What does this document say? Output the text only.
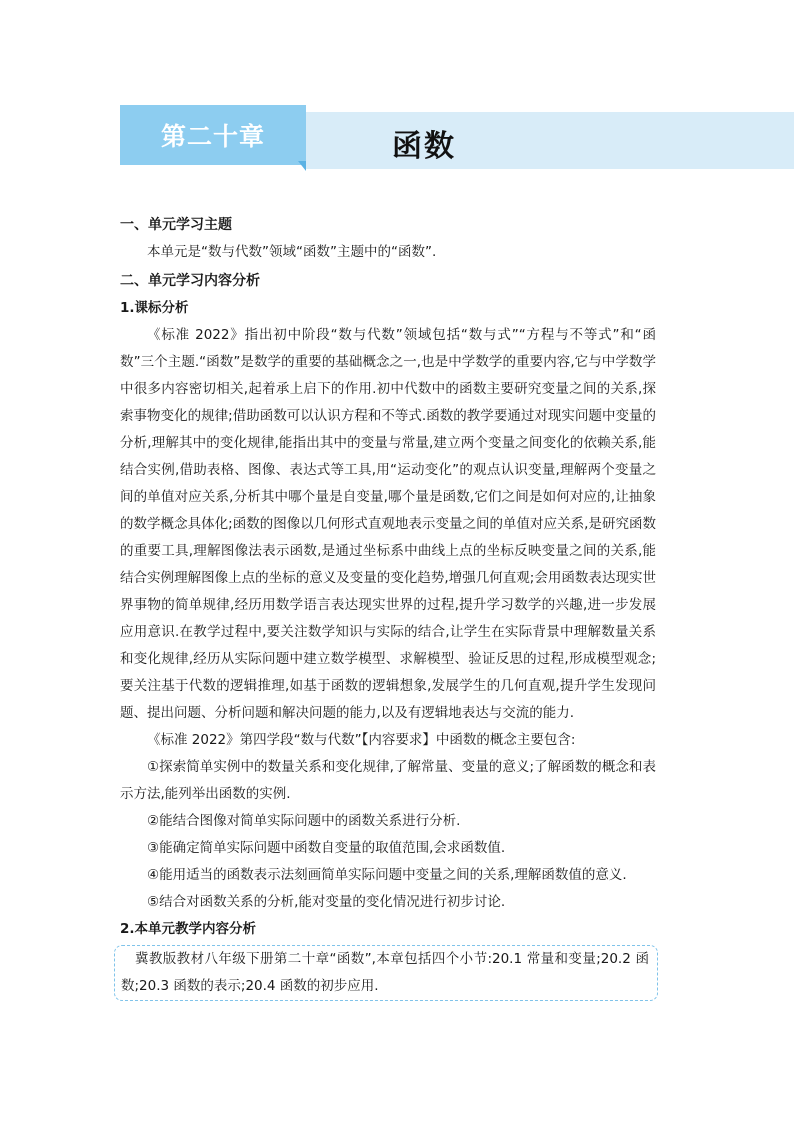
第二十章	函数
一、单元学习主题

本单元是“数与代数”领域“函数”主题中的“函数”.

二、单元学习内容分析
1.课标分析

《标准 2022》指出初中阶段“数与代数”领域包括“数与式”“方程与不等式”和“函数”三个主题.“函数”是数学的重要的基础概念之一,也是中学数学的重要内容,它与中学数学中很多内容密切相关,起着承上启下的作用.初中代数中的函数主要研究变量之间的关系,探索事物变化的规律;借助函数可以认识方程和不等式.函数的教学要通过对现实问题中变量的分析,理解其中的变化规律,能指出其中的变量与常量,建立两个变量之间变化的依赖关系,能结合实例,借助表格、图像、表达式等工具,用“运动变化”的观点认识变量,理解两个变量之间的单值对应关系,分析其中哪个量是自变量,哪个量是函数,它们之间是如何对应的,让抽象的数学概念具体化;函数的图像以几何形式直观地表示变量之间的单值对应关系,是研究函数的重要工具,理解图像法表示函数,是通过坐标系中曲线上点的坐标反映变量之间的关系,能结合实例理解图像上点的坐标的意义及变量的变化趋势,增强几何直观;会用函数表达现实世界事物的简单规律,经历用数学语言表达现实世界的过程,提升学习数学的兴趣,进一步发展应用意识.在教学过程中,要关注数学知识与实际的结合,让学生在实际背景中理解数量关系和变化规律,经历从实际问题中建立数学模型、求解模型、验证反思的过程,形成模型观念;要关注基于代数的逻辑推理,如基于函数的逻辑想象,发展学生的几何直观,提升学生发现问题、提出问题、分析问题和解决问题的能力,以及有逻辑地表达与交流的能力.

《标准 2022》第四学段“数与代数”【内容要求】中函数的概念主要包含:

①探索简单实例中的数量关系和变化规律,了解常量、变量的意义;了解函数的概念和表示方法,能列举出函数的实例.

②能结合图像对简单实际问题中的函数关系进行分析.

③能确定简单实际问题中函数自变量的取值范围,会求函数值.

④能用适当的函数表示法刻画简单实际问题中变量之间的关系,理解函数值的意义.

⑤结合对函数关系的分析,能对变量的变化情况进行初步讨论.

2.本单元教学内容分析
冀教版教材八年级下册第二十章“函数”,本章包括四个小节:20.1 常量和变量;20.2 函数;20.3 函数的表示;20.4 函数的初步应用.
